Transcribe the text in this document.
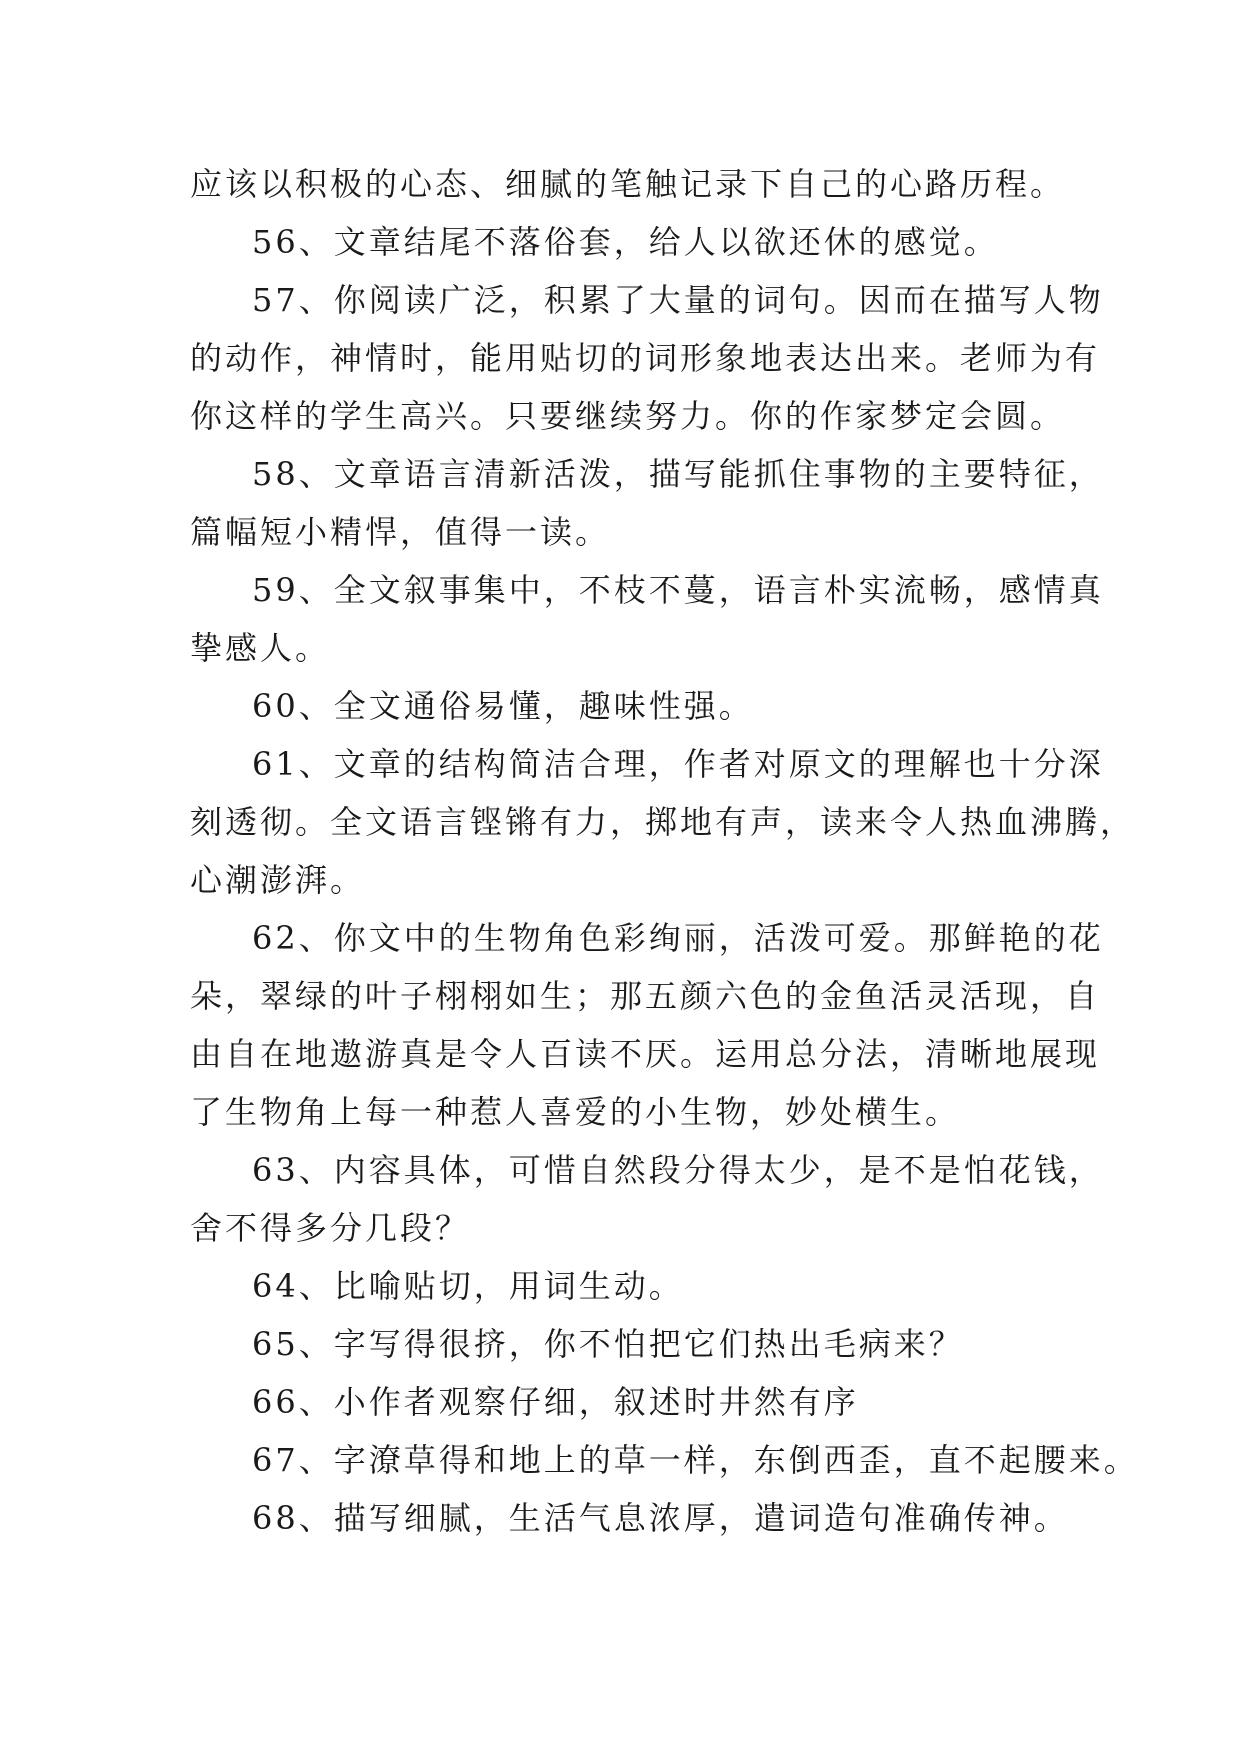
应该以积极的心态、细腻的笔触记录下自己的心路历程。
56、文章结尾不落俗套，给人以欲还休的感觉。
57、你阅读广泛，积累了大量的词句。因而在描写人物
的动作，神情时，能用贴切的词形象地表达出来。老师为有
你这样的学生高兴。只要继续努力。你的作家梦定会圆。
58、文章语言清新活泼，描写能抓住事物的主要特征，
篇幅短小精悍，值得一读。
59、全文叙事集中，不枝不蔓，语言朴实流畅，感情真
挚感人。
60、全文通俗易懂，趣味性强。
61、文章的结构简洁合理，作者对原文的理解也十分深
刻透彻。全文语言铿锵有力，掷地有声，读来令人热血沸腾，
心潮澎湃。
62、你文中的生物角色彩绚丽，活泼可爱。那鲜艳的花
朵，翠绿的叶子栩栩如生；那五颜六色的金鱼活灵活现，自
由自在地遨游真是令人百读不厌。运用总分法，清晰地展现
了生物角上每一种惹人喜爱的小生物，妙处横生。
63、内容具体，可惜自然段分得太少，是不是怕花钱，
舍不得多分几段？
64、比喻贴切，用词生动。
65、字写得很挤，你不怕把它们热出毛病来？
66、小作者观察仔细，叙述时井然有序
67、字潦草得和地上的草一样，东倒西歪，直不起腰来。
68、描写细腻，生活气息浓厚，遣词造句准确传神。
